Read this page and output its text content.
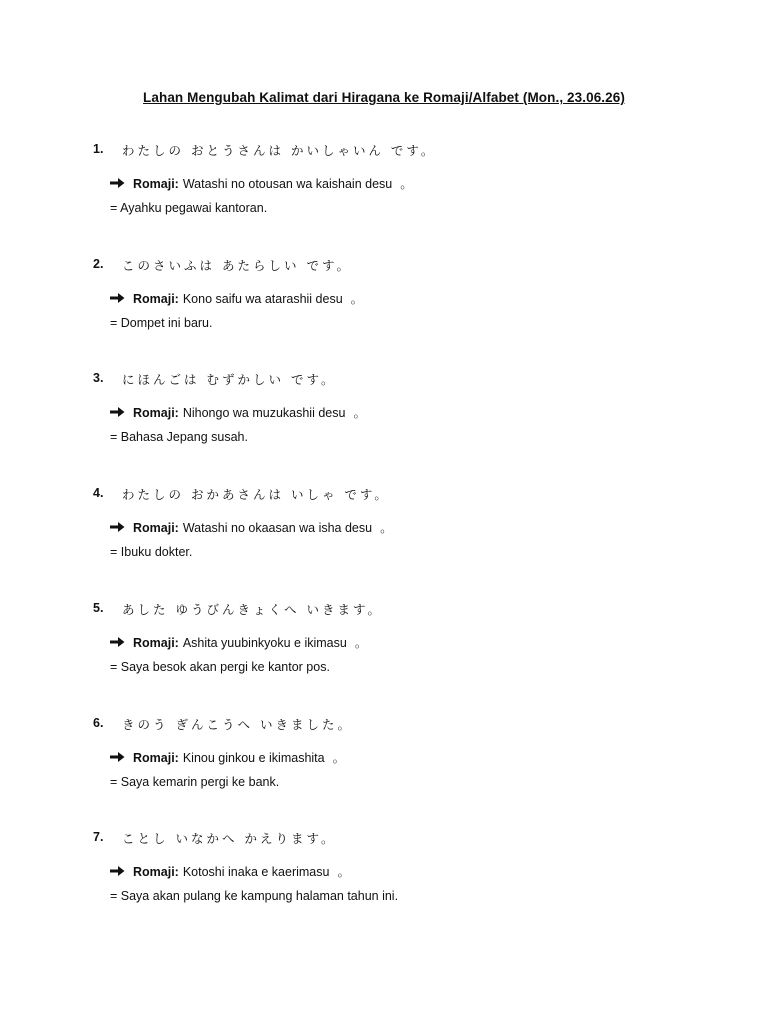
Lahan Mengubah Kalimat dari Hiragana ke Romaji/Alfabet (Mon., 23.06.26)
1. わたしの おとうさんは かいしゃいん です。
Romaji: Watashi no otousan wa kaishain desu 。
= Ayahku pegawai kantoran.
2. このさいふは あたらしい です。
Romaji: Kono saifu wa atarashii desu 。
= Dompet ini baru.
3. にほんごは むずかしい です。
Romaji: Nihongo wa muzukashii desu 。
= Bahasa Jepang susah.
4. わたしの おかあさんは いしゃ です。
Romaji: Watashi no okaasan wa isha desu 。
= Ibuku dokter.
5. あした ゆうびんきょくへ いきます。
Romaji: Ashita yuubinkyoku e ikimasu 。
= Saya besok akan pergi ke kantor pos.
6. きのう ぎんこうへ いきました。
Romaji: Kinou ginkou e ikimashita 。
= Saya kemarin pergi ke bank.
7. ことし いなかへ かえります。
Romaji: Kotoshi inaka e kaerimasu 。
= Saya akan pulang ke kampung halaman tahun ini.
